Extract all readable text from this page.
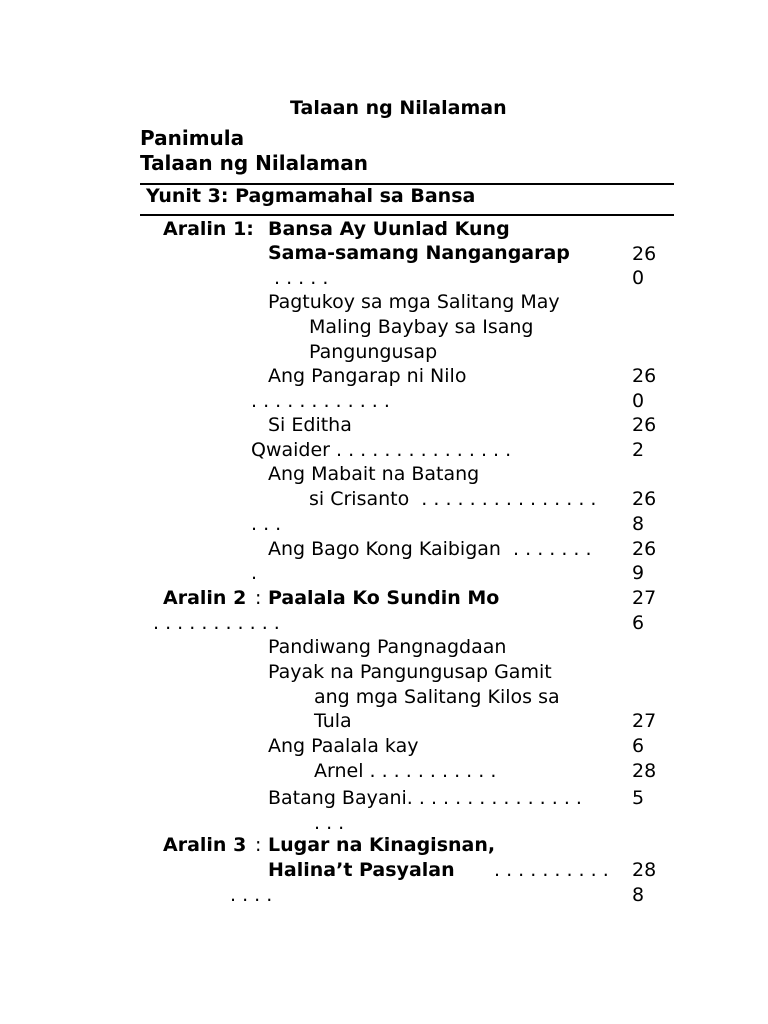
Talaan ng Nilalaman
Panimula
Talaan ng Nilalaman
Yunit 3: Pagmamahal sa Bansa
Aralin 1: Bansa Ay Uunlad Kung
Sama-samang Nangangarap
. . . . .
26
0
Pagtukoy sa mga Salitang May
Maling Baybay sa Isang
Pangungusap
Ang Pangarap ni Nilo
. . . . . . . . . . . .
26
0
Si Editha
Qwaider . . . . . . . . . . . . . . .
26
2
Ang Mabait na Batang
si Crisanto  . . . . . . . . . . . . . . .
. . .
26
8
Ang Bago Kong Kaibigan  . . . . . . .
.
26
9
Aralin 2 : Paalala Ko Sundin Mo
. . . . . . . . . . .
27
6
Pandiwang Pangnagdaan
Payak na Pangungusap Gamit
ang mga Salitang Kilos sa
Tula	27
6
Ang Paalala kay
Arnel . . . . . . . . . . .	28
Batang Bayani. . . . . . . . . . . . . . .
. . .
5
Aralin 3 : Lugar na Kinagisnan,
Halina’t Pasyalan . . . . . . . . . .
. . . .
28
8
